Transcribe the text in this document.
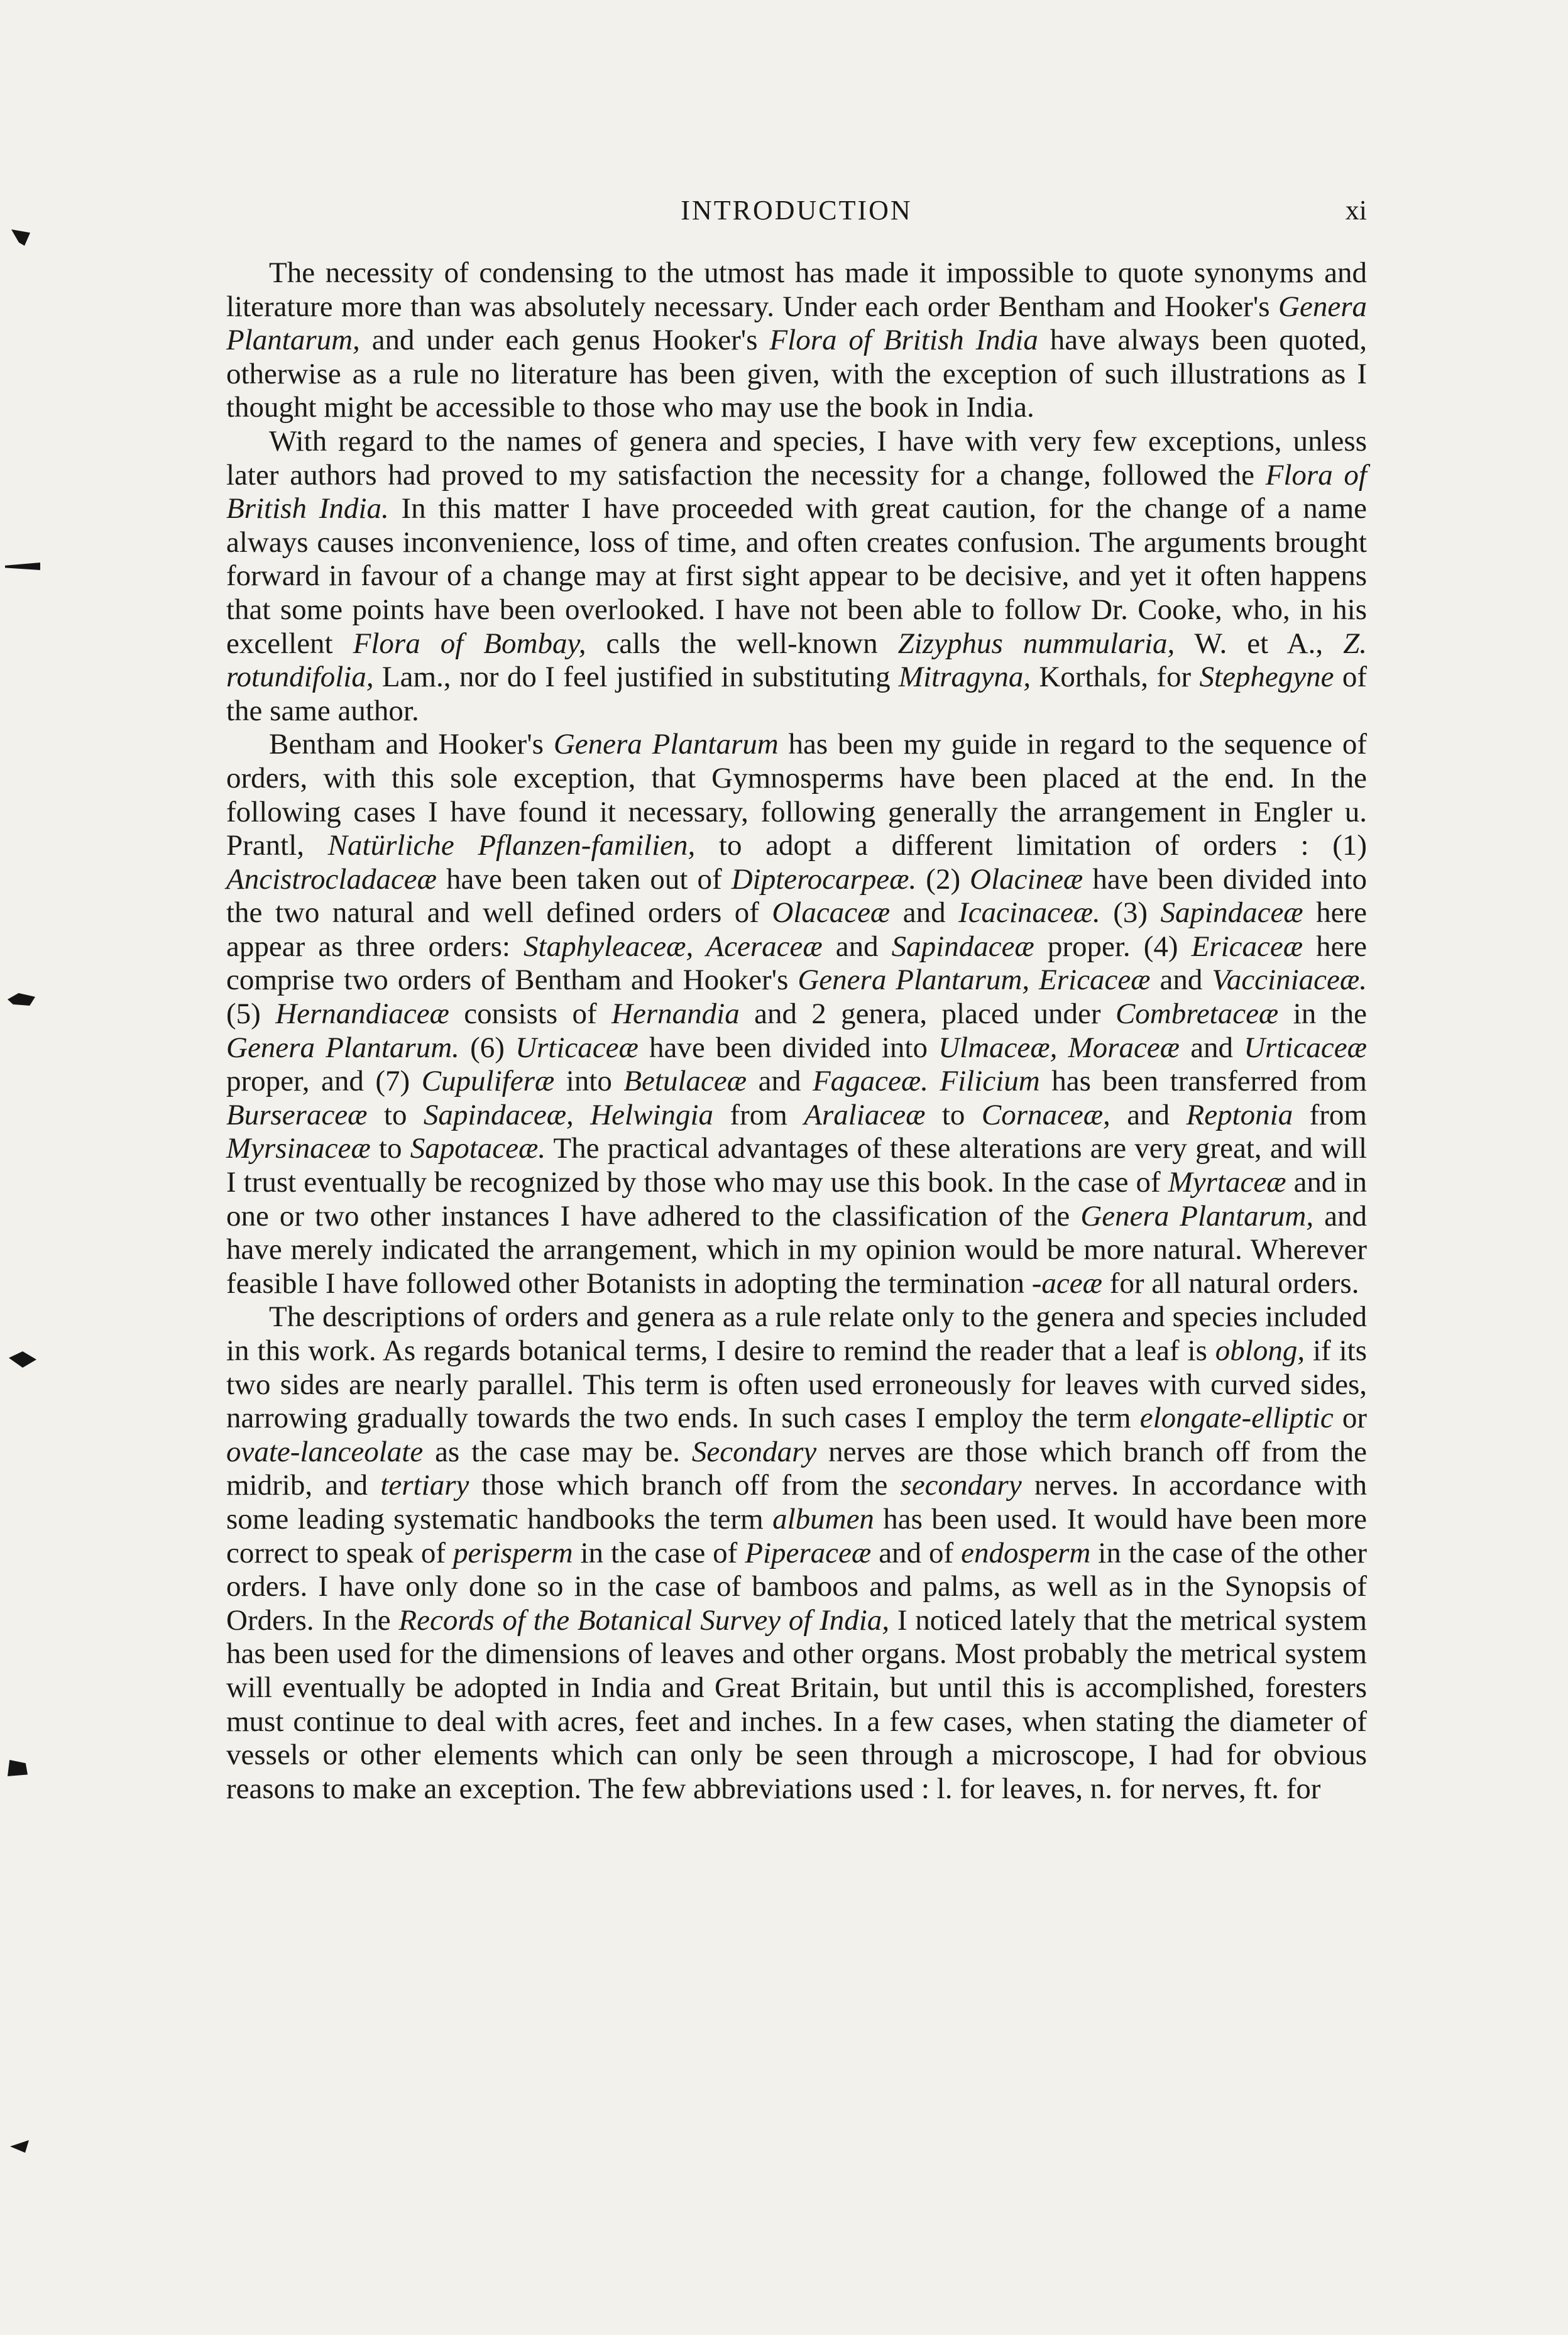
INTRODUCTION	xi

The necessity of condensing to the utmost has made it impossible to quote synonyms and literature more than was absolutely necessary. Under each order Bentham and Hooker's Genera Plantarum, and under each genus Hooker's Flora of British India have always been quoted, otherwise as a rule no literature has been given, with the exception of such illustrations as I thought might be accessible to those who may use the book in India.

With regard to the names of genera and species, I have with very few exceptions, unless later authors had proved to my satisfaction the necessity for a change, followed the Flora of British India. In this matter I have proceeded with great caution, for the change of a name always causes inconvenience, loss of time, and often creates confusion. The arguments brought forward in favour of a change may at first sight appear to be decisive, and yet it often happens that some points have been overlooked. I have not been able to follow Dr. Cooke, who, in his excellent Flora of Bombay, calls the well-known Zizyphus nummularia, W. et A., Z. rotundifolia, Lam., nor do I feel justified in substituting Mitragyna, Korthals, for Stephegyne of the same author.

Bentham and Hooker's Genera Plantarum has been my guide in regard to the sequence of orders, with this sole exception, that Gymnosperms have been placed at the end. In the following cases I have found it necessary, following generally the arrangement in Engler u. Prantl, Natürliche Pflanzen-familien, to adopt a different limitation of orders : (1) Ancistrocladaceæ have been taken out of Dipterocarpeæ. (2) Olacineæ have been divided into the two natural and well defined orders of Olacaceæ and Icacinaceæ. (3) Sapindaceæ here appear as three orders: Staphyleaceæ, Aceraceæ and Sapindaceæ proper. (4) Ericaceæ here comprise two orders of Bentham and Hooker's Genera Plantarum, Ericaceæ and Vacciniaceæ. (5) Hernandiaceæ consists of Hernandia and 2 genera, placed under Combretaceæ in the Genera Plantarum. (6) Urticaceæ have been divided into Ulmaceæ, Moraceæ and Urticaceæ proper, and (7) Cupuliferæ into Betulaceæ and Fagaceæ. Filicium has been transferred from Burseraceæ to Sapindaceæ, Helwingia from Araliaceæ to Cornaceæ, and Reptonia from Myrsinaceæ to Sapotaceæ. The practical advantages of these alterations are very great, and will I trust eventually be recognized by those who may use this book. In the case of Myrtaceæ and in one or two other instances I have adhered to the classification of the Genera Plantarum, and have merely indicated the arrangement, which in my opinion would be more natural. Wherever feasible I have followed other Botanists in adopting the termination -aceæ for all natural orders.

The descriptions of orders and genera as a rule relate only to the genera and species included in this work. As regards botanical terms, I desire to remind the reader that a leaf is oblong, if its two sides are nearly parallel. This term is often used erroneously for leaves with curved sides, narrowing gradually towards the two ends. In such cases I employ the term elongate-elliptic or ovate-lanceolate as the case may be. Secondary nerves are those which branch off from the midrib, and tertiary those which branch off from the secondary nerves. In accordance with some leading systematic handbooks the term albumen has been used. It would have been more correct to speak of perisperm in the case of Piperaceæ and of endosperm in the case of the other orders. I have only done so in the case of bamboos and palms, as well as in the Synopsis of Orders. In the Records of the Botanical Survey of India, I noticed lately that the metrical system has been used for the dimensions of leaves and other organs. Most probably the metrical system will eventually be adopted in India and Great Britain, but until this is accomplished, foresters must continue to deal with acres, feet and inches. In a few cases, when stating the diameter of vessels or other elements which can only be seen through a microscope, I had for obvious reasons to make an exception. The few abbreviations used : l. for leaves, n. for nerves, ft. for
